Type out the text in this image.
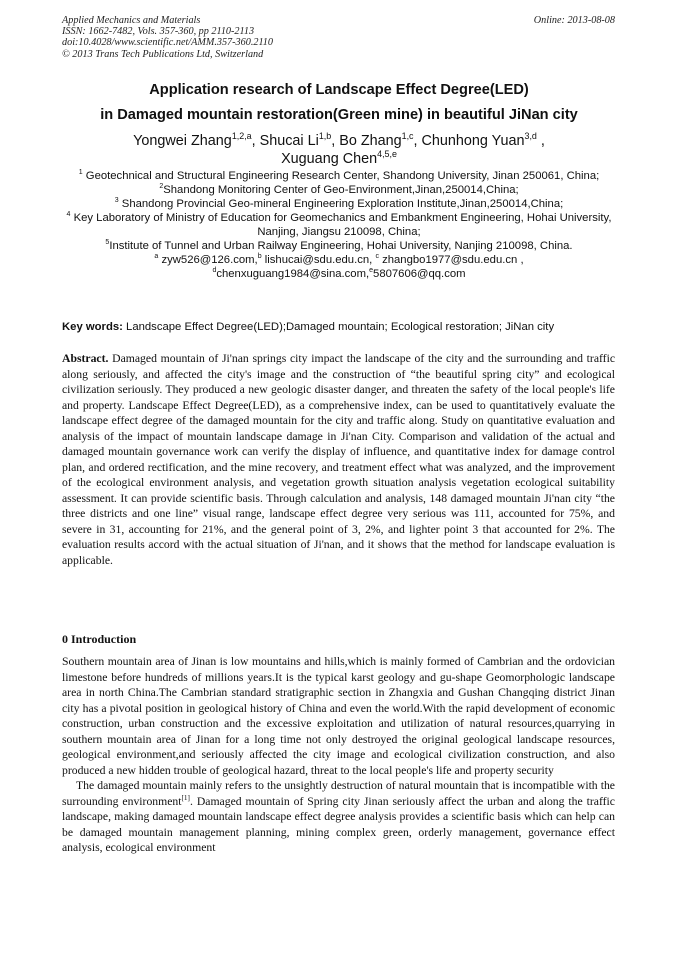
Applied Mechanics and Materials
ISSN: 1662-7482, Vols. 357-360, pp 2110-2113
doi:10.4028/www.scientific.net/AMM.357-360.2110
© 2013 Trans Tech Publications Ltd, Switzerland
Online: 2013-08-08
Application research of Landscape Effect Degree(LED)
in Damaged mountain restoration(Green mine) in beautiful JiNan city
Yongwei Zhang$^{1,2,a}$, Shucai Li$^{1,b}$, Bo Zhang$^{1,c}$, Chunhong Yuan$^{3,d}$ ,
Xuguang Chen$^{4,5,e}$
$^1$ Geotechnical and Structural Engineering Research Center, Shandong University, Jinan 250061, China;
$^2$Shandong Monitoring Center of Geo-Environment,Jinan,250014,China;
$^3$ Shandong Provincial Geo-mineral Engineering Exploration Institute,Jinan,250014,China;
$^4$ Key Laboratory of Ministry of Education for Geomechanics and Embankment Engineering, Hohai University, Nanjing, Jiangsu 210098, China;
$^5$Institute of Tunnel and Urban Railway Engineering, Hohai University, Nanjing 210098, China.
$^a$ zyw526@126.com,$^b$ lishucai@sdu.edu.cn, $^c$ zhangbo1977@sdu.edu.cn ,
$^d$chenxuguang1984@sina.com,$^e$5807606@qq.com
Key words: Landscape Effect Degree(LED);Damaged mountain; Ecological restoration; JiNan city
Abstract. Damaged mountain of Ji'nan springs city impact the landscape of the city and the surrounding and traffic along seriously, and affected the city's image and the construction of “the beautiful spring city” and ecological civilization seriously. They produced a new geologic disaster danger, and threaten the safety of the local people's life and property. Landscape Effect Degree(LED), as a comprehensive index, can be used to quantitatively evaluate the landscape effect degree of the damaged mountain for the city and traffic along. Study on quantitative evaluation and analysis of the impact of mountain landscape damage in Ji'nan City. Comparison and validation of the actual and damaged mountain governance work can verify the display of influence, and quantitative index for damage control plan, and ordered rectification, and the mine recovery, and treatment effect what was analyzed, and the improvement of the ecological environment analysis, and vegetation growth situation analysis vegetation ecological suitability assessment. It can provide scientific basis. Through calculation and analysis, 148 damaged mountain Ji'nan city “the three districts and one line” visual range, landscape effect degree very serious was 111, accounted for 75%, and severe in 31, accounting for 21%, and the general point of 3, 2%, and lighter point 3 that accounted for 2%. The evaluation results accord with the actual situation of Ji'nan, and it shows that the method for landscape evaluation is applicable.
0 Introduction

Southern mountain area of Jinan is low mountains and hills,which is mainly formed of Cambrian and the ordovician limestone before hundreds of millions years.It is the typical karst geology and gu-shape Geomorphologic landscape area in north China.The Cambrian standard stratigraphic section in Zhangxia and Gushan Changqing district Jinan city has a pivotal position in geological history of China and even the world.With the rapid development of economic construction, urban construction and the excessive exploitation and utilization of natural resources,quarrying in southern mountain area of Jinan for a long time not only destroyed the original geological landscape resources, geological environment,and seriously affected the city image and ecological civilization construction, and also produced a new hidden trouble of geological hazard, threat to the local people's life and property security

The damaged mountain mainly refers to the unsightly destruction of natural mountain that is incompatible with the surrounding environment[1]. Damaged mountain of Spring city Jinan seriously affect the urban and along the traffic landscape, making damaged mountain landscape effect degree analysis provides a scientific basis which can help can be damaged mountain management planning, mining complex green, orderly management, governance effect analysis, ecological environment
